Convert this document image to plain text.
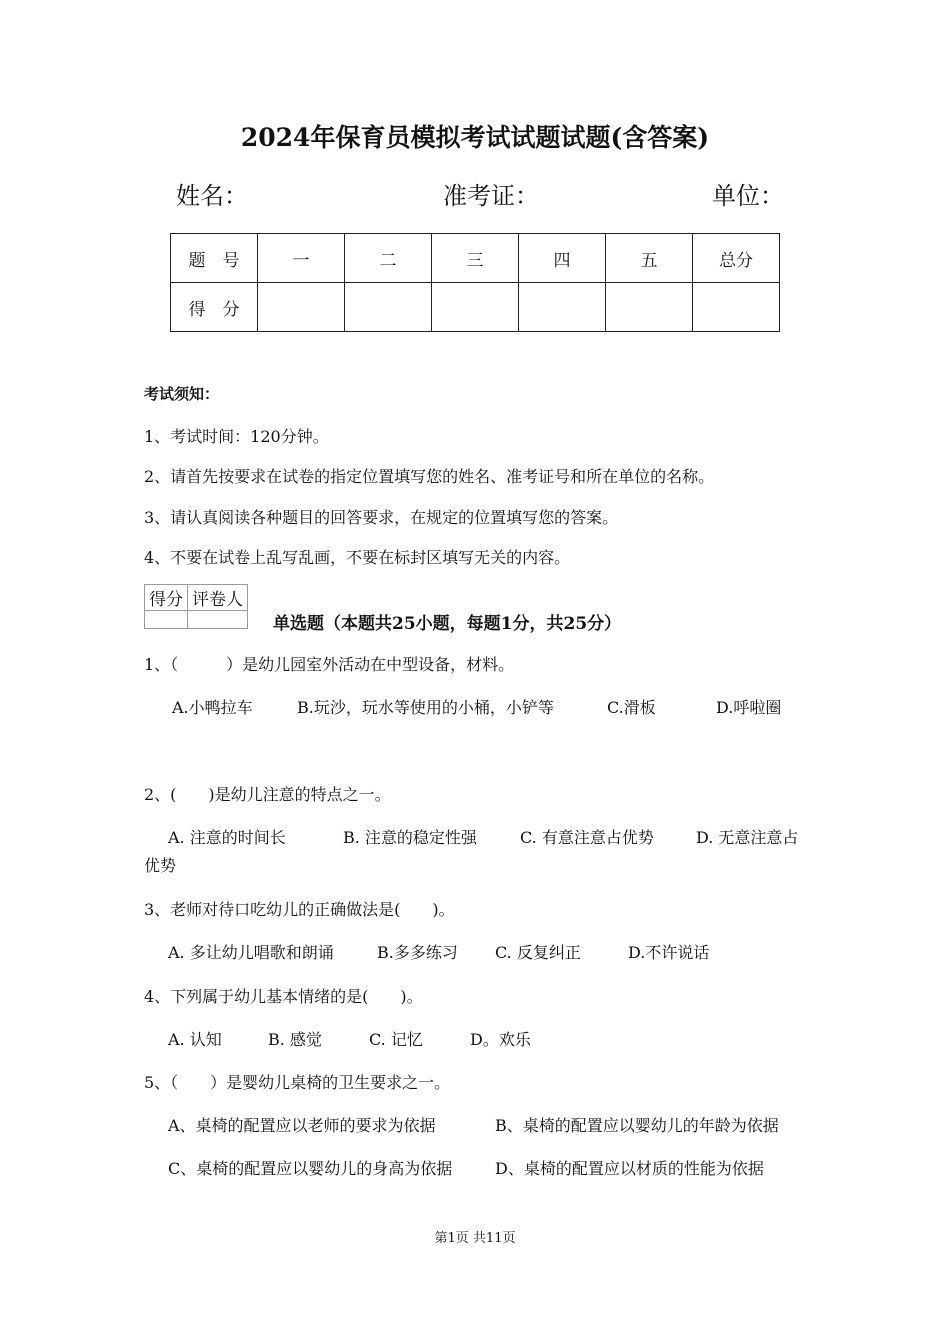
2024年保育员模拟考试试题试题(含答案)
姓名：	准考证：	单位：
题　号	一	二	三	四	五	总分
得　分						
考试须知：
1、考试时间：120分钟。
2、请首先按要求在试卷的指定位置填写您的姓名、准考证号和所在单位的名称。
3、请认真阅读各种题目的回答要求，在规定的位置填写您的答案。
4、不要在试卷上乱写乱画，不要在标封区填写无关的内容。
得分	评卷人

单选题（本题共25小题，每题1分，共25分）
1、（　　　）是幼儿园室外活动在中型设备，材料。
A.小鸭拉车	B.玩沙，玩水等使用的小桶，小铲等	C.滑板	D.呼啦圈
2、(　　)是幼儿注意的特点之一。
A. 注意的时间长	B. 注意的稳定性强	C. 有意注意占优势	D. 无意注意占
优势
3、老师对待口吃幼儿的正确做法是(　　)。
A. 多让幼儿唱歌和朗诵	B.多多练习 C. 反复纠正	D.不许说话
4、下列属于幼儿基本情绪的是(　　)。
A. 认知	B. 感觉	C. 记忆	D。欢乐
5、（　　）是婴幼儿桌椅的卫生要求之一。
A、桌椅的配置应以老师的要求为依据	B、桌椅的配置应以婴幼儿的年龄为依据
C、桌椅的配置应以婴幼儿的身高为依据	D、桌椅的配置应以材质的性能为依据
第1页 共11页
